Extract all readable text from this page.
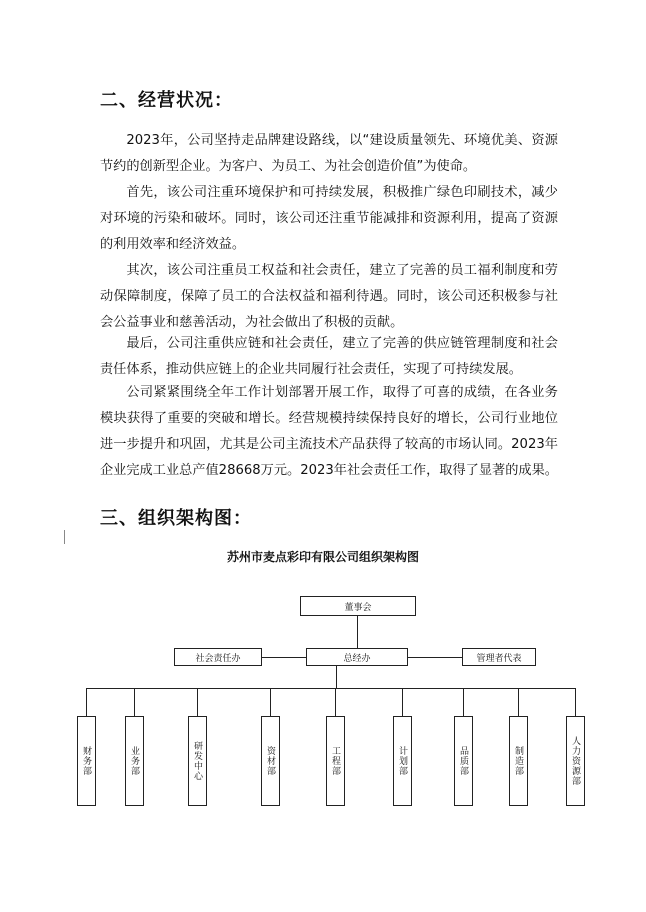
二、经营状况：

2023年，公司坚持走品牌建设路线，以“建设质量领先、环境优美、资源节约的创新型企业。为客户、为员工、为社会创造价值”为使命。

首先，该公司注重环境保护和可持续发展，积极推广绿色印刷技术，减少对环境的污染和破坏。同时，该公司还注重节能减排和资源利用，提高了资源的利用效率和经济效益。

其次，该公司注重员工权益和社会责任，建立了完善的员工福利制度和劳动保障制度，保障了员工的合法权益和福利待遇。同时，该公司还积极参与社会公益事业和慈善活动，为社会做出了积极的贡献。

最后，公司注重供应链和社会责任，建立了完善的供应链管理制度和社会责任体系，推动供应链上的企业共同履行社会责任，实现了可持续发展。

公司紧紧围绕全年工作计划部署开展工作，取得了可喜的成绩，在各业务模块获得了重要的突破和增长。经营规模持续保持良好的增长，公司行业地位进一步提升和巩固，尤其是公司主流技术产品获得了较高的市场认同。2023年企业完成工业总产值28668万元。2023年社会责任工作，取得了显著的成果。

三、组织架构图：
苏州市麦点彩印有限公司组织架构图
董事会
社会责任办	总经办	管理者代表
财务部	业务部	研发中心	资材部	工程部	计划部	品质部	制造部	人力资源部
